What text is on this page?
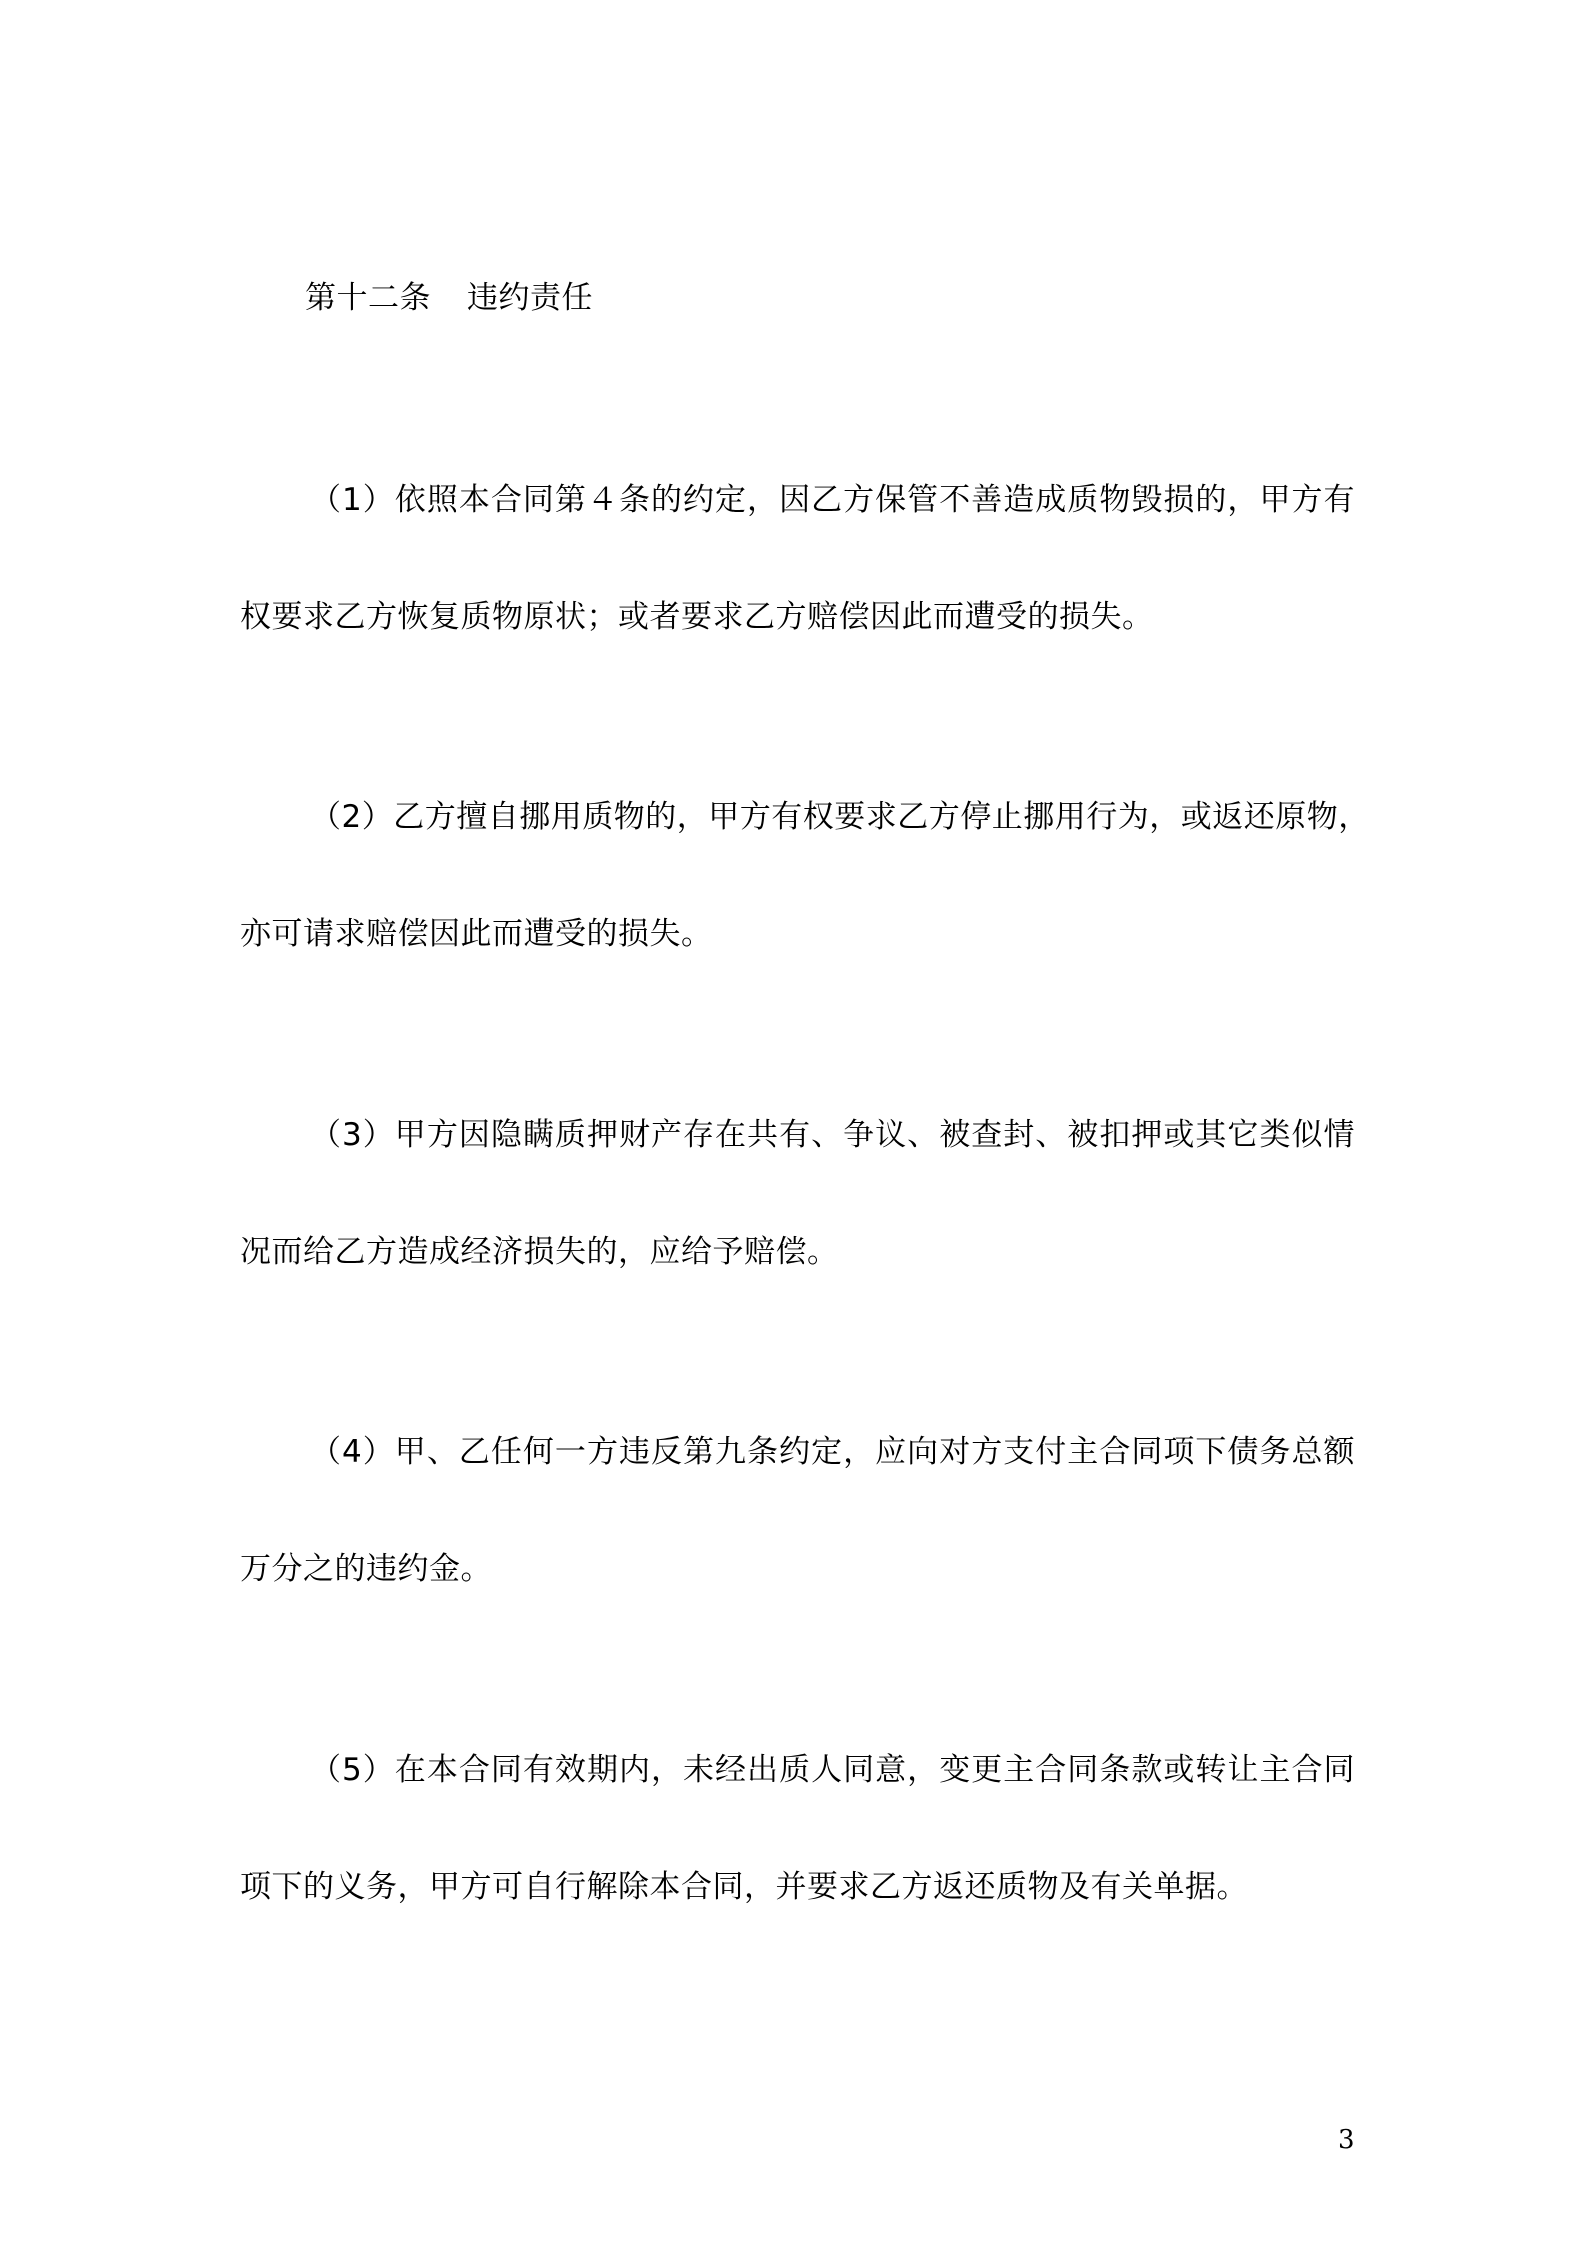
第十二条 违约责任
（1）依照本合同第４条的约定，因乙方保管不善造成质物毁损的，甲方有
权要求乙方恢复质物原状；或者要求乙方赔偿因此而遭受的损失。
（2）乙方擅自挪用质物的，甲方有权要求乙方停止挪用行为，或返还原物，
亦可请求赔偿因此而遭受的损失。
（3）甲方因隐瞒质押财产存在共有、争议、被查封、被扣押或其它类似情
况而给乙方造成经济损失的，应给予赔偿。
（4）甲、乙任何一方违反第九条约定，应向对方支付主合同项下债务总额
万分之的违约金。
（5）在本合同有效期内，未经出质人同意，变更主合同条款或转让主合同
项下的义务，甲方可自行解除本合同，并要求乙方返还质物及有关单据。
3
